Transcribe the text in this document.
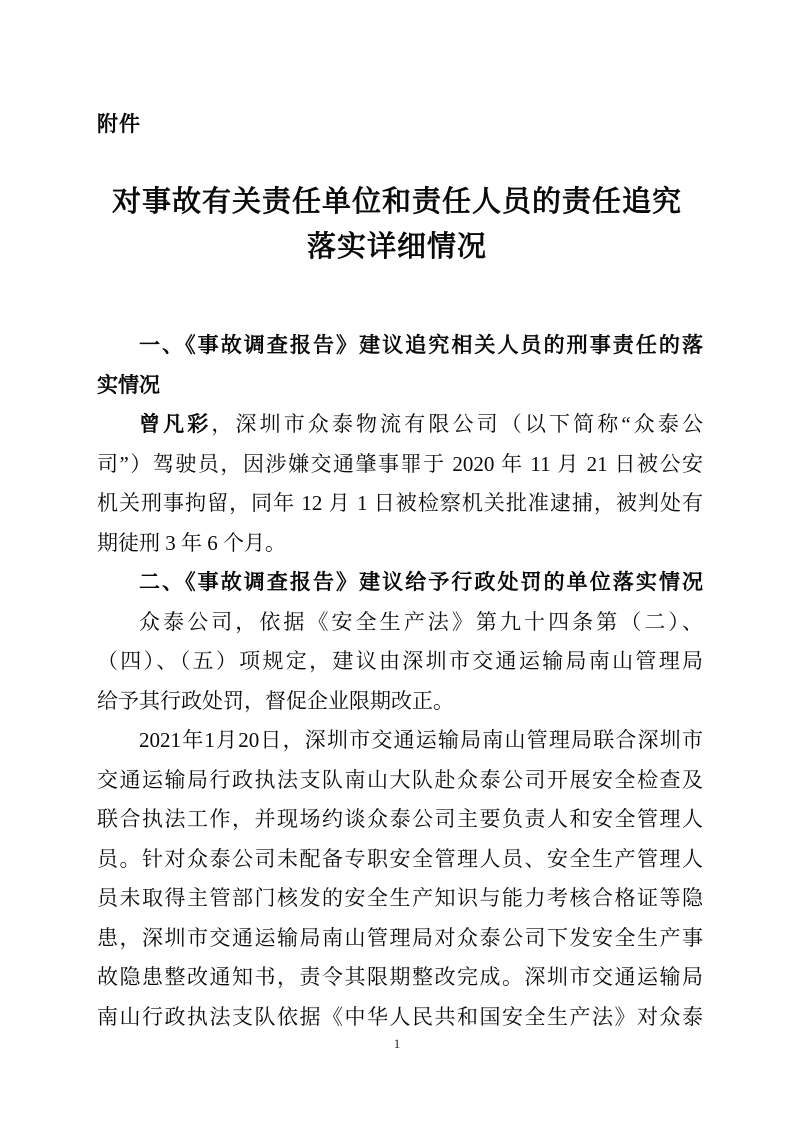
附件
对事故有关责任单位和责任人员的责任追究
落实详细情况
一、《事故调查报告》建议追究相关人员的刑事责任的落
实情况
曾凡彩，深圳市众泰物流有限公司（以下简称“众泰公
司”）驾驶员，因涉嫌交通肇事罪于 2020 年 11 月 21 日被公安
机关刑事拘留，同年 12 月 1 日被检察机关批准逮捕，被判处有
期徒刑 3 年 6 个月。
二、《事故调查报告》建议给予行政处罚的单位落实情况
众泰公司，依据《安全生产法》第九十四条第（二）、
（四）、（五）项规定，建议由深圳市交通运输局南山管理局
给予其行政处罚，督促企业限期改正。
2021年1月20日，深圳市交通运输局南山管理局联合深圳市
交通运输局行政执法支队南山大队赴众泰公司开展安全检查及
联合执法工作，并现场约谈众泰公司主要负责人和安全管理人
员。针对众泰公司未配备专职安全管理人员、安全生产管理人
员未取得主管部门核发的安全生产知识与能力考核合格证等隐
患，深圳市交通运输局南山管理局对众泰公司下发安全生产事
故隐患整改通知书，责令其限期整改完成。深圳市交通运输局
南山行政执法支队依据《中华人民共和国安全生产法》对众泰
1
